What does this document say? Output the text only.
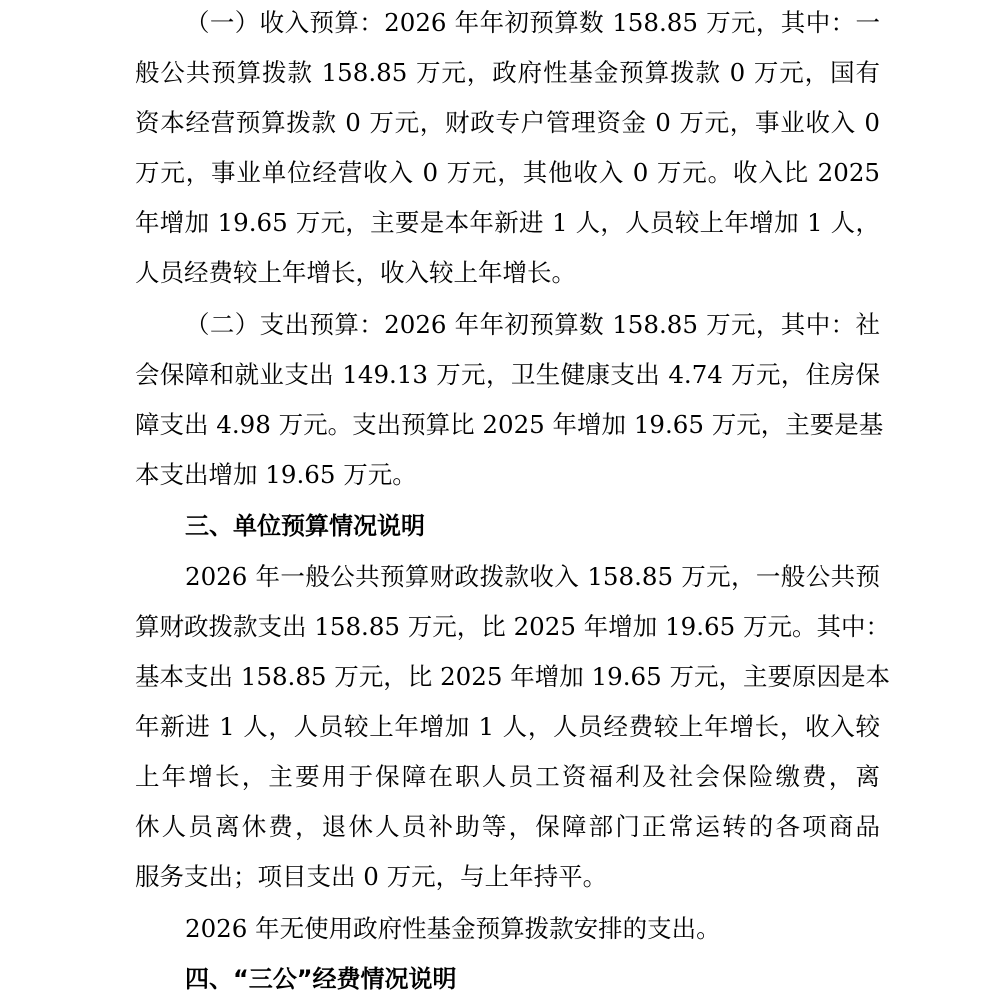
（一）收入预算：2026 年年初预算数 158.85 万元，其中：一
般公共预算拨款 158.85 万元，政府性基金预算拨款 0 万元，国有
资本经营预算拨款 0 万元，财政专户管理资金 0 万元，事业收入 0
万元，事业单位经营收入 0 万元，其他收入 0 万元。收入比 2025
年增加 19.65 万元，主要是本年新进 1 人，人员较上年增加 1 人，
人员经费较上年增长，收入较上年增长。
（二）支出预算：2026 年年初预算数 158.85 万元，其中：社
会保障和就业支出 149.13 万元，卫生健康支出 4.74 万元，住房保
障支出 4.98 万元。支出预算比 2025 年增加 19.65 万元，主要是基
本支出增加 19.65 万元。
三、单位预算情况说明
2026 年一般公共预算财政拨款收入 158.85 万元，一般公共预
算财政拨款支出 158.85 万元，比 2025 年增加 19.65 万元。其中：
基本支出 158.85 万元，比 2025 年增加 19.65 万元，主要原因是本
年新进 1 人，人员较上年增加 1 人，人员经费较上年增长，收入较
上年增长，主要用于保障在职人员工资福利及社会保险缴费，离
休人员离休费，退休人员补助等，保障部门正常运转的各项商品
服务支出；项目支出 0 万元，与上年持平。
2026 年无使用政府性基金预算拨款安排的支出。
四、“三公”经费情况说明
